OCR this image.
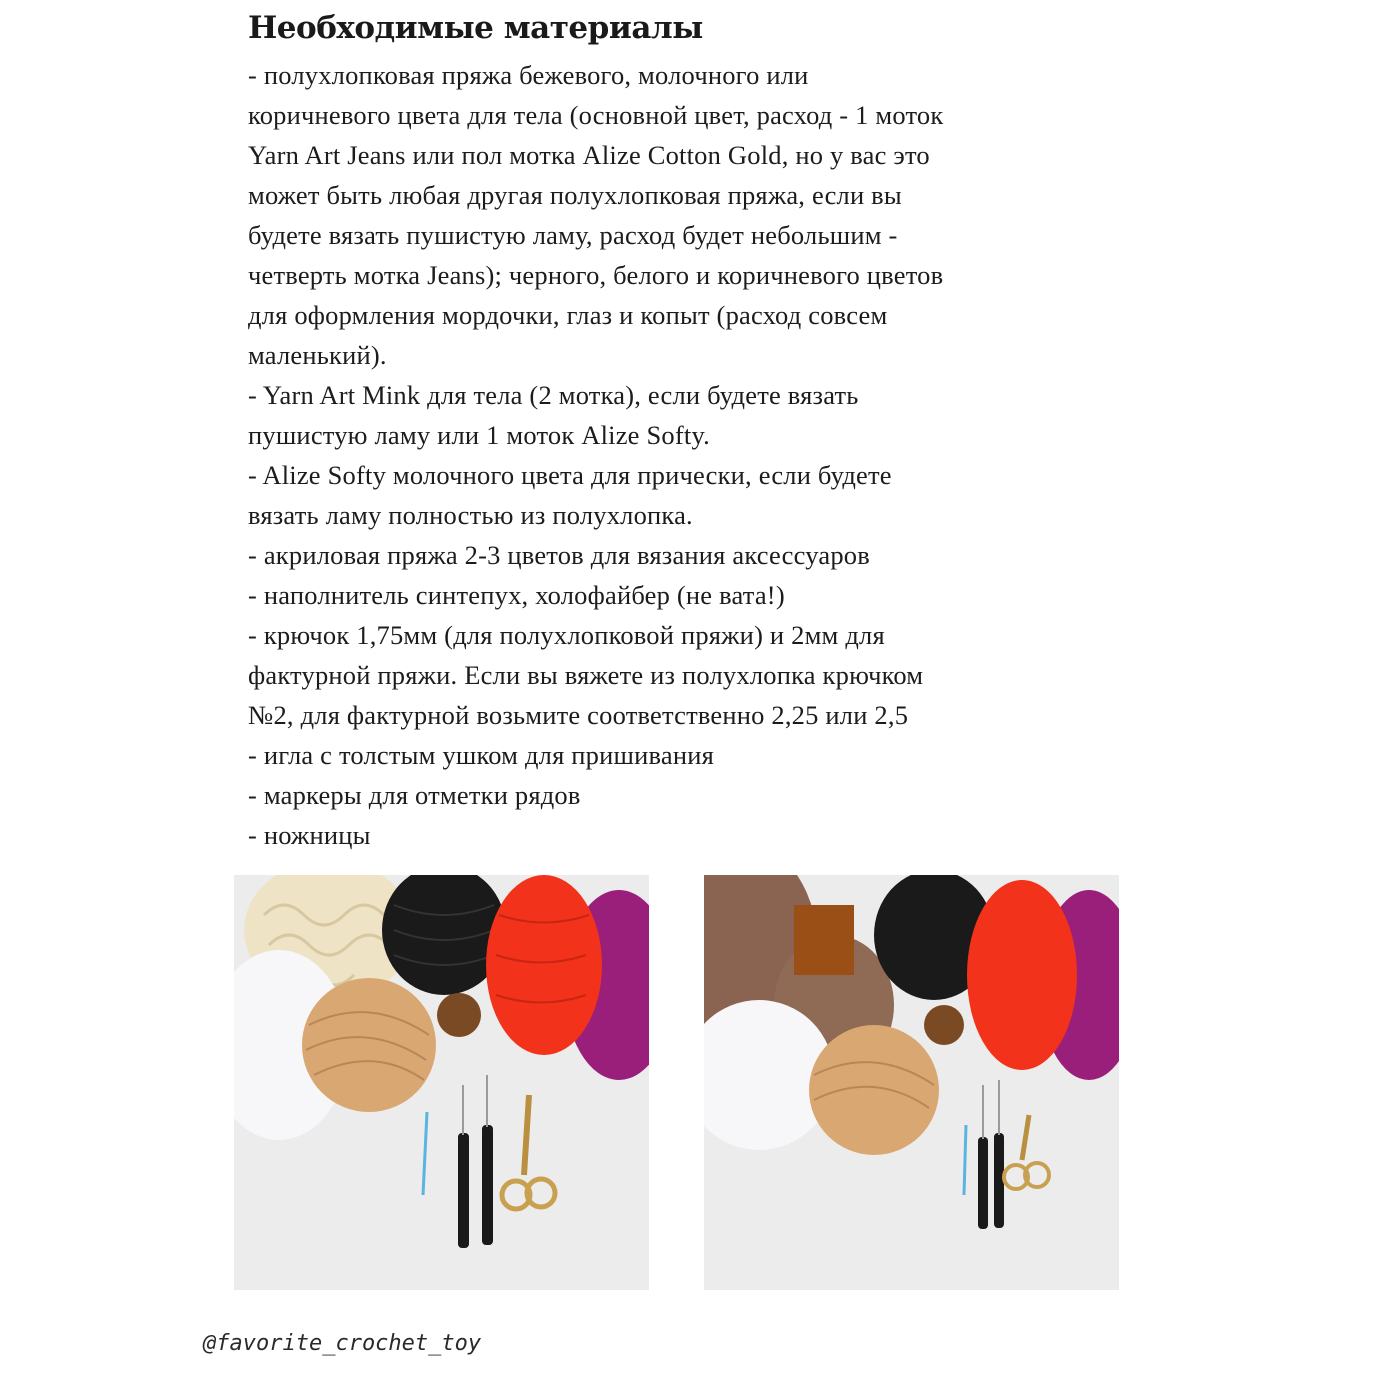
Необходимые материалы
- полухлопковая пряжа бежевого, молочного или
коричневого цвета для тела (основной цвет, расход - 1 моток
Yarn Art Jeans или пол мотка Alize Cotton Gold, но у вас это
может быть любая другая полухлопковая пряжа, если вы
будете вязать пушистую ламу, расход будет небольшим -
четверть мотка Jeans); черного, белого и коричневого цветов
для оформления мордочки, глаз и копыт (расход совсем
маленький).
- Yarn Art Mink для тела (2 мотка), если будете вязать
пушистую ламу или 1 моток Alize Softy.
- Alize Softy молочного цвета для прически, если будете
вязать ламу полностью из полухлопка.
- акриловая пряжа 2-3 цветов для вязания аксессуаров
- наполнитель синтепух, холофайбер (не вата!)
- крючок 1,75мм (для полухлопковой пряжи) и 2мм для
фактурной пряжи. Если вы вяжете из полухлопка крючком
№2, для фактурной возьмите соответственно 2,25 или 2,5
- игла с толстым ушком для пришивания
- маркеры для отметки рядов
- ножницы
@favorite_crochet_toy
